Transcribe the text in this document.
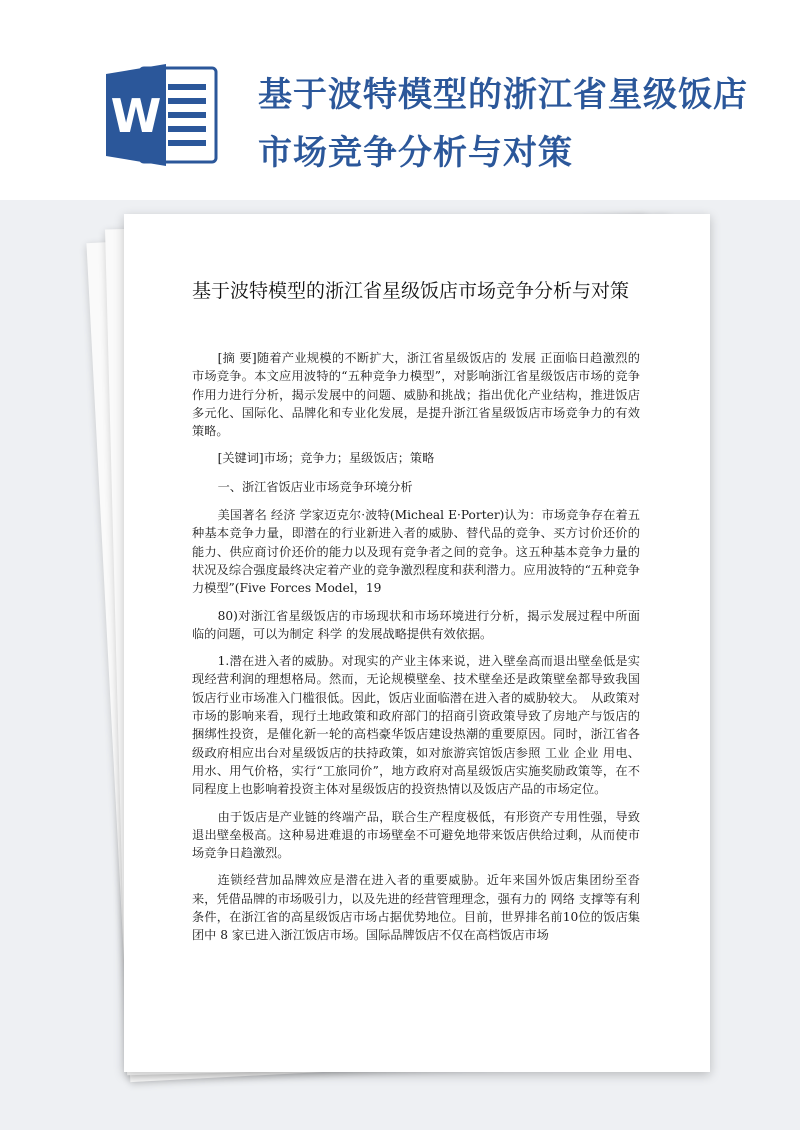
W	基于波特模型的浙江省星级饭店市场竞争分析与对策
基于波特模型的浙江省星级饭店市场竞争分析与对策

[摘 要]随着产业规模的不断扩大，浙江省星级饭店的 发展 正面临日趋激烈的市场竞争。本文应用波特的“五种竞争力模型”，对影响浙江省星级饭店市场的竞争作用力进行分析，揭示发展中的问题、威胁和挑战；指出优化产业结构，推进饭店 多元化、国际化、品牌化和专业化发展，是提升浙江省星级饭店市场竞争力的有效策略。

[关键词]市场；竞争力；星级饭店；策略

一、浙江省饭店业市场竞争环境分析

美国著名 经济 学家迈克尔·波特(Micheal E·Porter)认为：市场竞争存在着五种基本竞争力量，即潜在的行业新进入者的威胁、替代品的竞争、买方讨价还价的能力、供应商讨价还价的能力以及现有竞争者之间的竞争。这五种基本竞争力量的状况及综合强度最终决定着产业的竞争激烈程度和获利潜力。应用波特的“五种竞争力模型”(Five Forces Model，19

80)对浙江省星级饭店的市场现状和市场环境进行分析，揭示发展过程中所面临的问题，可以为制定 科学 的发展战略提供有效依据。

1.潜在进入者的威胁。对现实的产业主体来说，进入壁垒高而退出壁垒低是实现经营利润的理想格局。然而，无论规模壁垒、技术壁垒还是政策壁垒都导致我国饭店行业市场准入门槛很低。因此，饭店业面临潜在进入者的威胁较大。　从政策对市场的影响来看，现行土地政策和政府部门的招商引资政策导致了房地产与饭店的捆绑性投资，是催化新一轮的高档豪华饭店建设热潮的重要原因。同时，浙江省各级政府相应出台对星级饭店的扶持政策，如对旅游宾馆饭店参照 工业 企业 用电、用水、用气价格，实行“工旅同价”，地方政府对高星级饭店实施奖励政策等，在不同程度上也影响着投资主体对星级饭店的投资热情以及饭店产品的市场定位。

由于饭店是产业链的终端产品，联合生产程度极低，有形资产专用性强，导致退出壁垒极高。这种易进难退的市场壁垒不可避免地带来饭店供给过剩，从而使市场竞争日趋激烈。

连锁经营加品牌效应是潜在进入者的重要威胁。近年来国外饭店集团纷至沓来，凭借品牌的市场吸引力，以及先进的经营管理理念，强有力的 网络 支撑等有利条件，在浙江省的高星级饭店市场占据优势地位。目前，世界排名前10位的饭店集团中 8 家已进入浙江饭店市场。国际品牌饭店不仅在高档饭店市场
